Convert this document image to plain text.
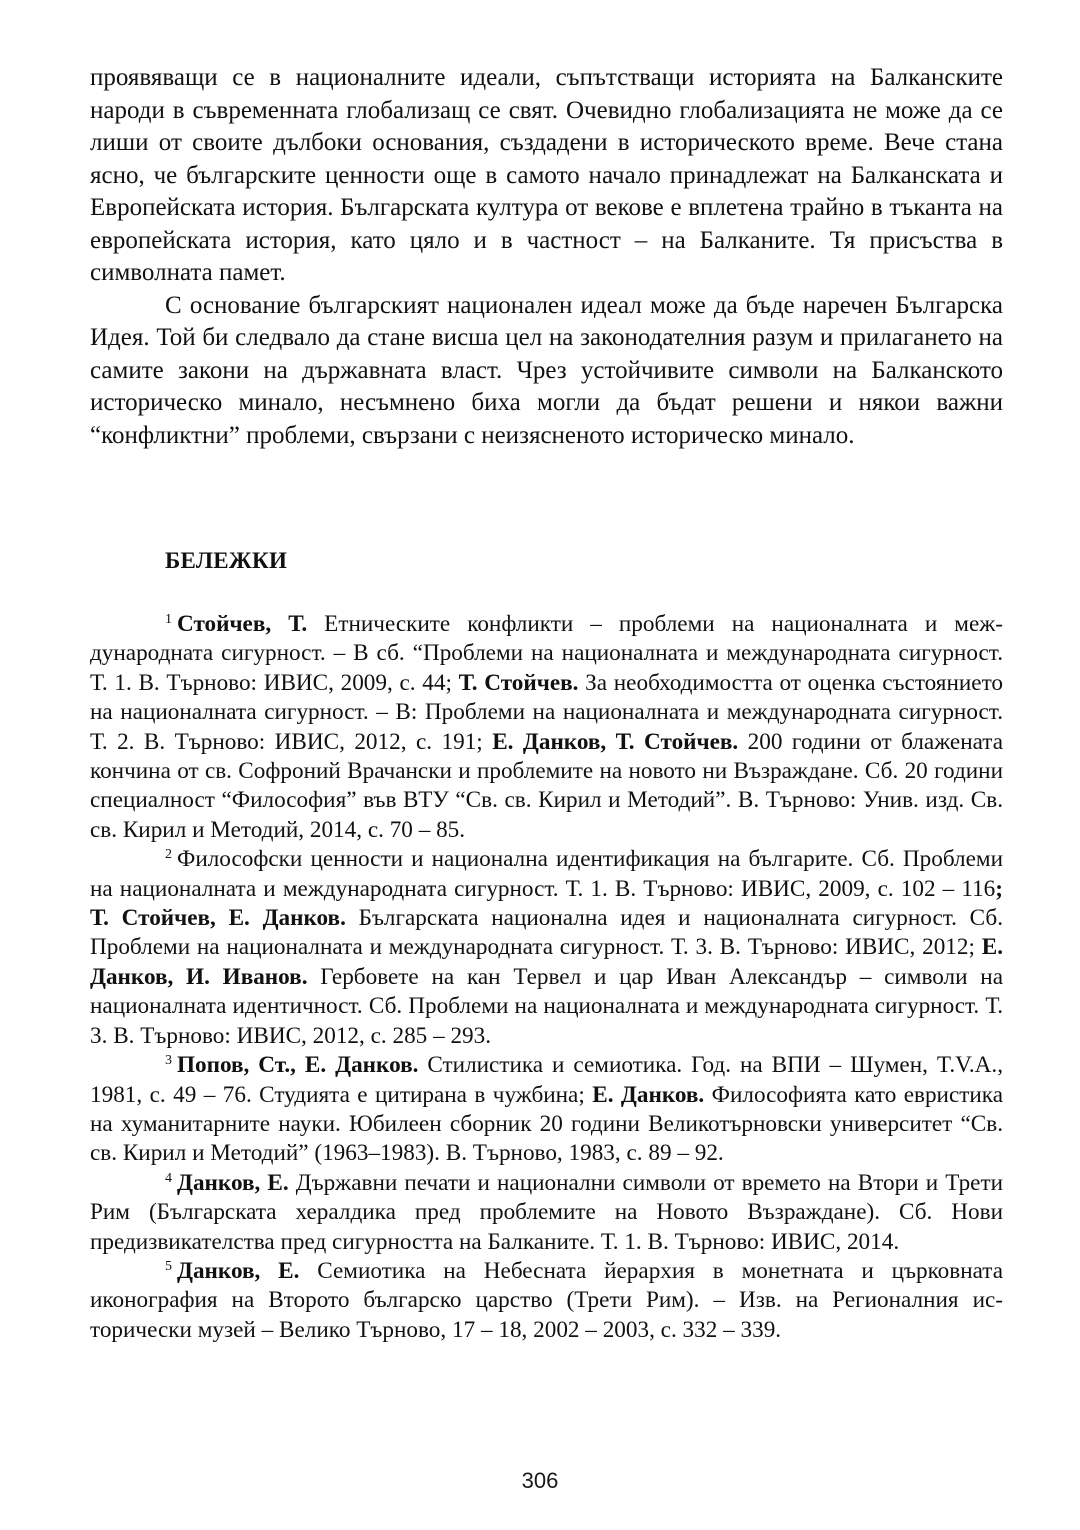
проявяващи се в националните идеали, съпътстващи историята на Балканските народи в съвременната глобализащ се свят. Очевидно глобализацията не може да се лиши от своите дълбоки основания, създадени в историческото време. Вече стана ясно, че българските ценности още в самото начало принадлежат на Балканската и Европейската история. Българската култура от векове е вплетена трайно в тъканта на европейската история, като цяло и в частност – на Балканите. Тя присъства в символната памет.

С основание българският национален идеал може да бъде наречен Българска Идея. Той би следвало да стане висша цел на законодателния разум и прилагането на самите закони на държавната власт. Чрез устойчивите символи на Балканското историческо минало, несъмнено биха могли да бъдат решени и някои важни “конфликтни” проблеми, свързани с неизясненото историческо минало.

БЕЛЕЖКИ

$^1$ Стойчев, Т. Етническите конфликти – проблеми на националната и международната сигурност. – В сб. “Проблеми на националната и международната сигурност. Т. 1. В. Търново: ИВИС, 2009, с. 44; Т. Стойчев. За необходимостта от оценка състоянието на националната сигурност. – В: Проблеми на националната и международната сигурност. Т. 2. В. Търново: ИВИС, 2012, с. 191; Е. Данков, Т. Стойчев. 200 години от блажената кончина от св. Софроний Врачански и проблемите на новото ни Възраждане. Сб. 20 години специалност “Философия” във ВТУ “Св. св. Кирил и Методий”. В. Търново: Унив. изд. Св. св. Кирил и Методий, 2014, с. 70 – 85.

$^2$ Философски ценности и национална идентификация на българите. Сб. Проблеми на националната и международната сигурност. Т. 1. В. Търново: ИВИС, 2009, с. 102 – 116; Т. Стойчев, Е. Данков. Българската национална идея и националната сигурност. Сб. Проблеми на националната и международната сигурност. Т. 3. В. Търново: ИВИС, 2012; Е. Данков, И. Иванов. Гербовете на кан Тервел и цар Иван Александър – символи на националната идентичност. Сб. Проблеми на националната и международната сигурност. Т. 3. В. Търново: ИВИС, 2012, с. 285 – 293.

$^3$ Попов, Ст., Е. Данков. Стилистика и семиотика. Год. на ВПИ – Шумен, T.V.A., 1981, с. 49 – 76. Студията е цитирана в чужбина; Е. Данков. Философията като евристика на хуманитарните науки. Юбилеен сборник 20 години Великотърновски университет “Св. св. Кирил и Методий” (1963–1983). В. Търново, 1983, с. 89 – 92.

$^4$ Данков, Е. Държавни печати и национални символи от времето на Втори и Трети Рим (Българската хералдика пред проблемите на Новото Възраждане). Сб. Нови предизвикателства пред сигурността на Балканите. Т. 1. В. Търново: ИВИС, 2014.

$^5$ Данков, Е. Семиотика на Небесната йерархия в монетната и църковната иконография на Второто българско царство (Трети Рим). – Изв. на Регионалния исторически музей – Велико Търново, 17 – 18, 2002 – 2003, с. 332 – 339.

306
